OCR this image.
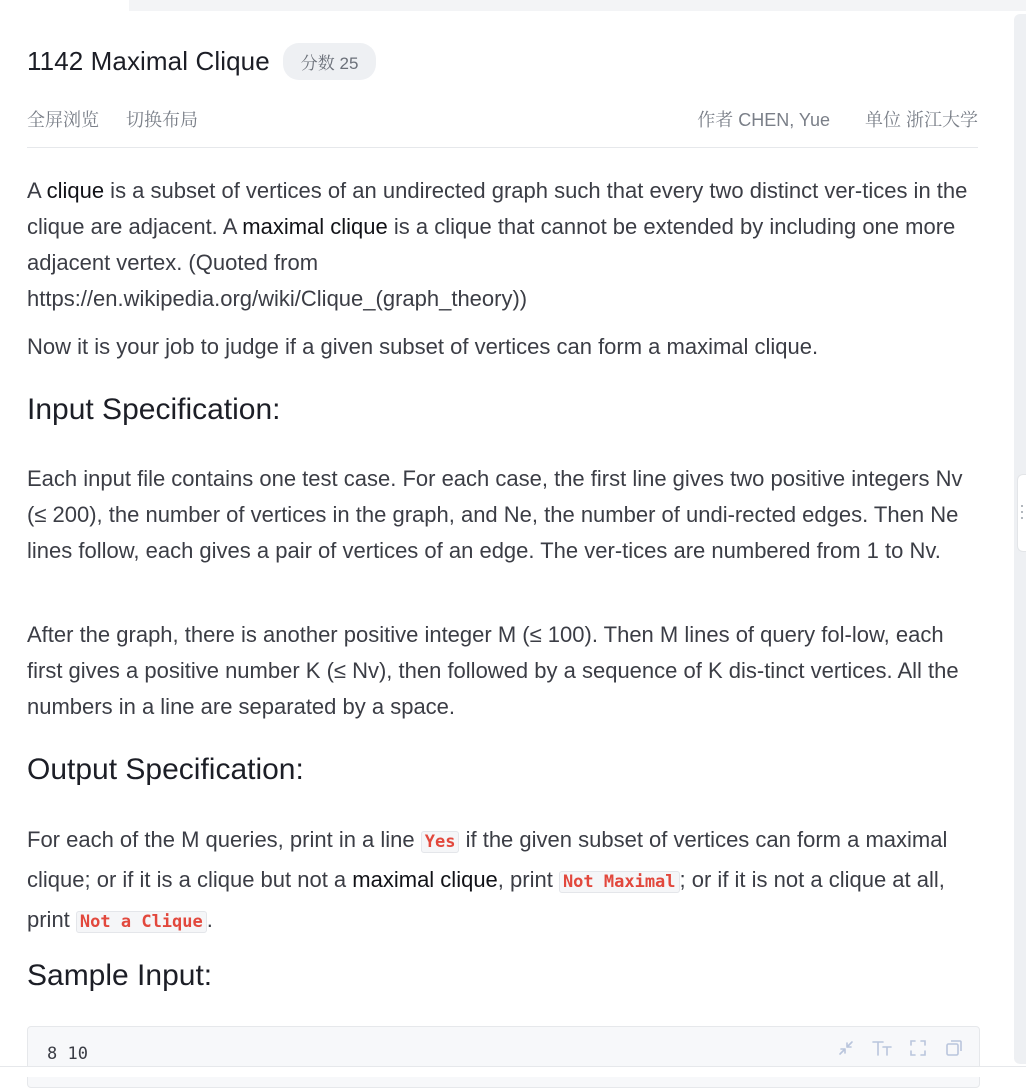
1142 Maximal Clique	分数 25
全屏浏览 切换布局	作者 CHEN, Yue 单位 浙江大学
A clique is a subset of vertices of an undirected graph such that every two distinct ver-tices in the clique are adjacent. A maximal clique is a clique that cannot be extended by including one more adjacent vertex. (Quoted from
https://en.wikipedia.org/wiki/Clique_(graph_theory))
Now it is your job to judge if a given subset of vertices can form a maximal clique.
Input Specification:
Each input file contains one test case. For each case, the first line gives two positive integers Nv (≤ 200), the number of vertices in the graph, and Ne, the number of undi-rected edges. Then Ne lines follow, each gives a pair of vertices of an edge. The ver-tices are numbered from 1 to Nv.
After the graph, there is another positive integer M (≤ 100). Then M lines of query fol-low, each first gives a positive number K (≤ Nv), then followed by a sequence of K dis-tinct vertices. All the numbers in a line are separated by a space.
Output Specification:
For each of the M queries, print in a line Yes if the given subset of vertices can form a maximal clique; or if it is a clique but not a maximal clique, print Not Maximal ; or if it is not a clique at all, print Not a Clique .
Sample Input:
8 10
